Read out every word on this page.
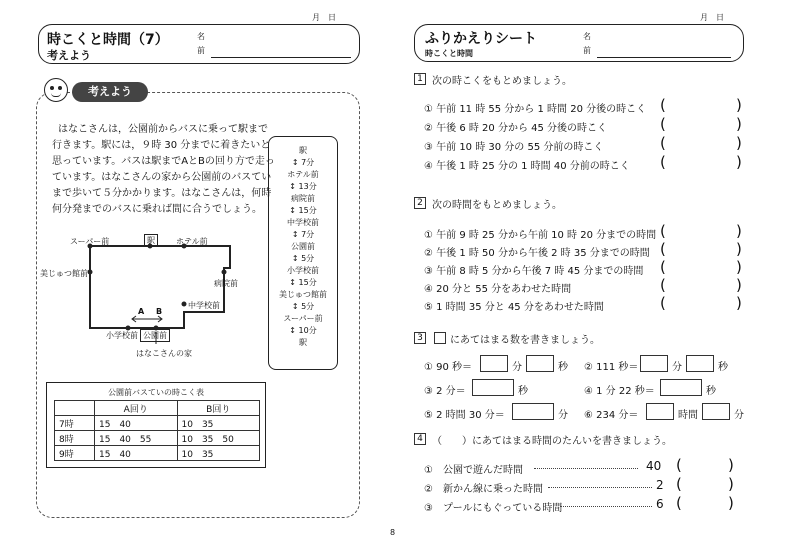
月　日
時こくと時間（7）
考えよう
名
前
考えよう
はなこさんは，公園前からバスに乗って駅まで
行きます。駅には，９時 30 分までに着きたいと
思っています。バスは駅までAとBの回り方で走っ
ています。はなこさんの家から公園前のバスてい
まで歩いて５分かかります。はなこさんは，何時
何分発までのバスに乗れば間に合うでしょう。
スーパー前	駅	ホテル前
美じゅつ館前
病院前
中学校前
A B
小学校前 公園前
はなこさんの家
駅
↕ 7分
ホテル前
↕ 13分
病院前
↕ 15分
中学校前
↕ 7分
公園前
↕ 5分
小学校前
↕ 15分
美じゅつ館前
↕ 5分
スーパー前
↕ 10分
駅
公園前バスていの時こく表
	A回り	B回り
7時	15　40	10　35
8時	15　40　55	10　35　50
9時	15　40	10　35
8
月　日
ふりかえりシート
時こくと時間
名
前
1 次の時こくをもとめましょう。
① 午前 11 時 55 分から 1 時間 20 分後の時こく (	)
② 午後 6 時 20 分から 45 分後の時こく	(	)
③ 午前 10 時 30 分の 55 分前の時こく	(	)
④ 午後 1 時 25 分の 1 時間 40 分前の時こく (	)
2 次の時間をもとめましょう。
① 午前 9 時 25 分から午前 10 時 20 分までの時間 (	)
② 午後 1 時 50 分から午後 2 時 35 分までの時間 (	)
③ 午前 8 時 5 分から午後 7 時 45 分までの時間 (	)
④ 20 分と 55 分をあわせた時間	(	)
⑤ 1 時間 35 分と 45 分をあわせた時間	(	)
3	にあてはまる数を書きましょう。
① 90 秒＝	分	秒 ② 111 秒＝	分	秒
③ 2 分＝	秒	④ 1 分 22 秒＝	秒
⑤ 2 時間 30 分＝	分 ⑥ 234 分＝	時間	分
4 （　　）にあてはまる時間のたんいを書きましょう。
①　公園で遊んだ時間	40 (	)
②　新かん線に乗った時間	2 (	)
③　プールにもぐっている時間	6 (	)
